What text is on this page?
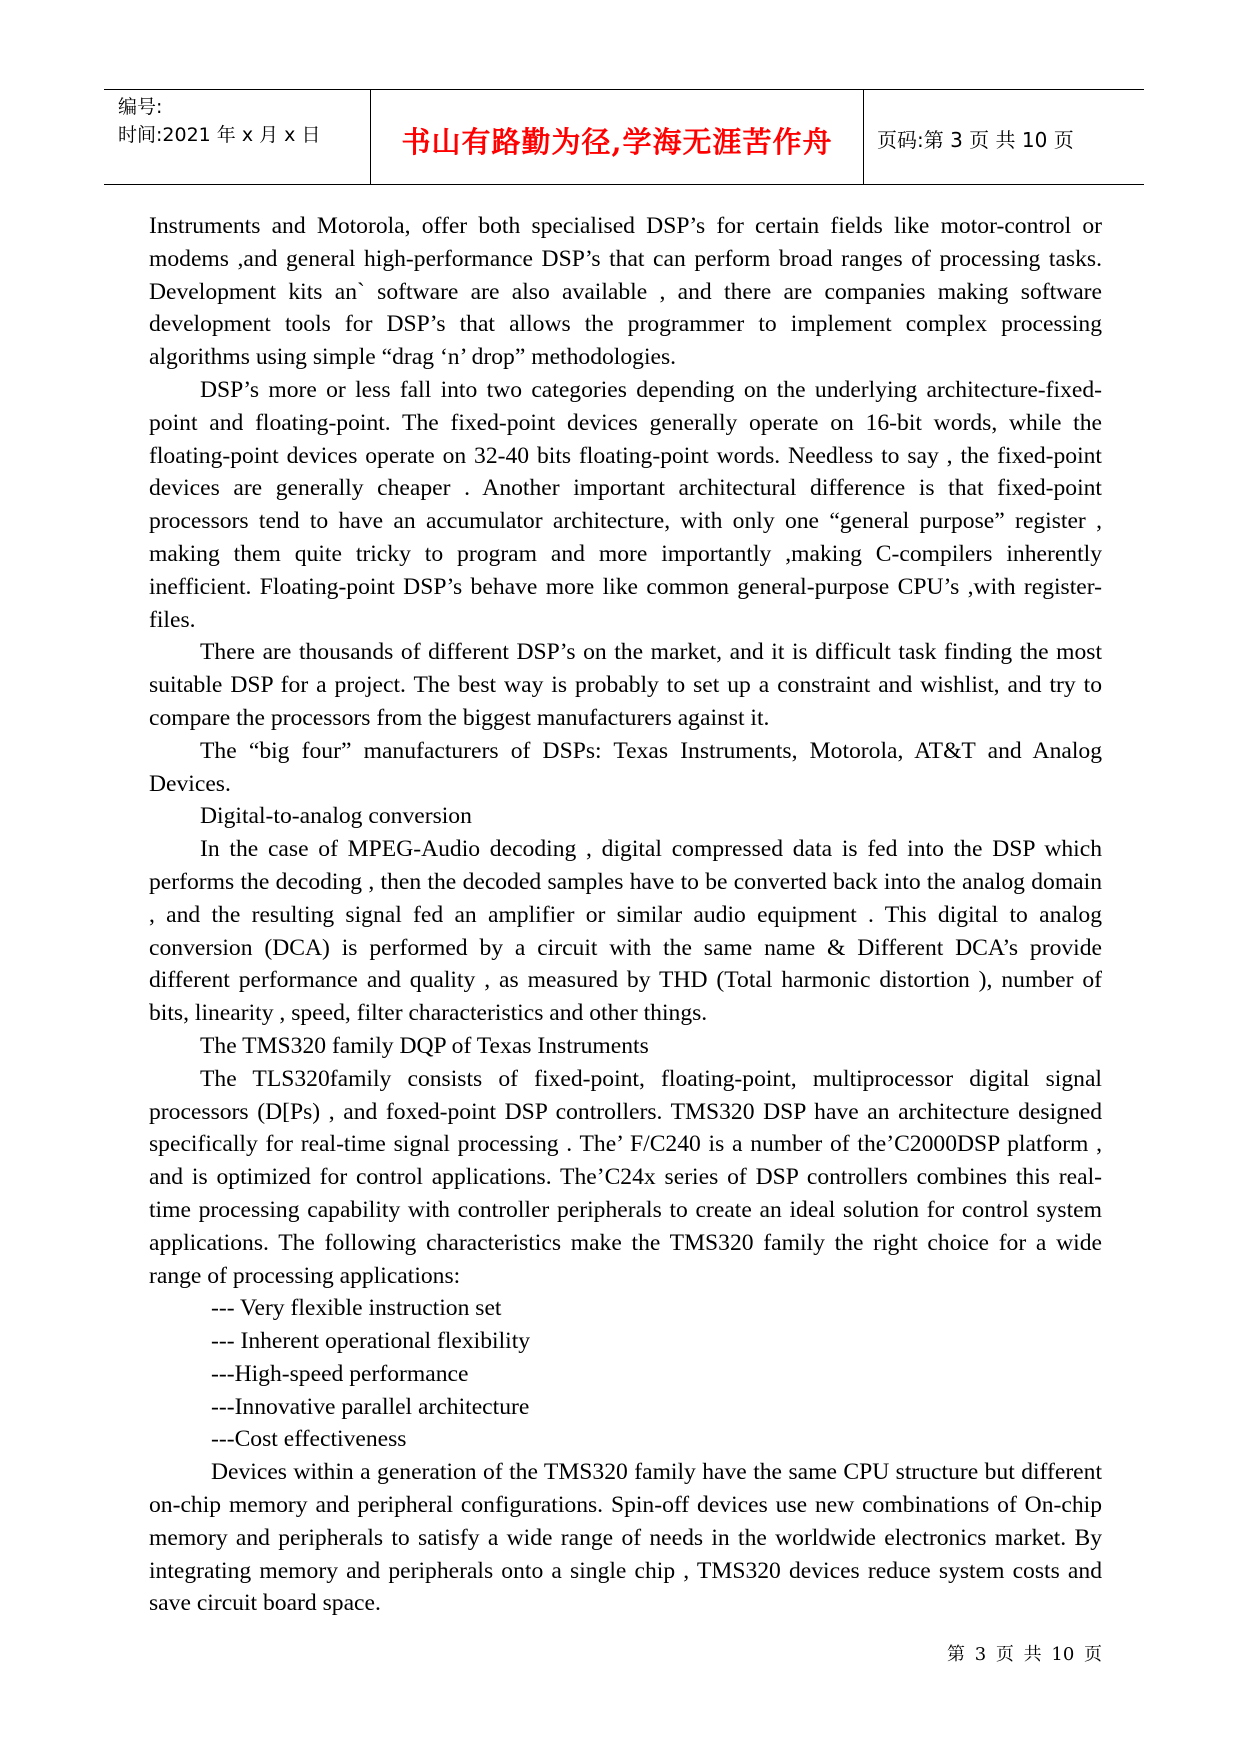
编号:
时间:2021 年 x 月 x 日	书山有路勤为径,学海无涯苦作舟	页码:第 3 页 共 10 页

Instruments and Motorola, offer both specialised DSP’s for certain fields like motor-control or modems ,and general high-performance DSP’s that can perform broad ranges of processing tasks. Development kits an` software are also available , and there are companies making software development tools for DSP’s that allows the programmer to implement complex processing algorithms using simple “drag ‘n’ drop” methodologies.

DSP’s more or less fall into two categories depending on the underlying architecture-fixed-point and floating-point. The fixed-point devices generally operate on 16-bit words, while the floating-point devices operate on 32-40 bits floating-point words. Needless to say , the fixed-point devices are generally cheaper . Another important architectural difference is that fixed-point processors tend to have an accumulator architecture, with only one “general purpose” register , making them quite tricky to program and more importantly ,making C-compilers inherently inefficient. Floating-point DSP’s behave more like common general-purpose CPU’s ,with register-files.

There are thousands of different DSP’s on the market, and it is difficult task finding the most suitable DSP for a project. The best way is probably to set up a constraint and wishlist, and try to compare the processors from the biggest manufacturers against it.

The “big four” manufacturers of DSPs: Texas Instruments, Motorola, AT&T and Analog Devices.

Digital-to-analog conversion

In the case of MPEG-Audio decoding , digital compressed data is fed into the DSP which performs the decoding , then the decoded samples have to be converted back into the analog domain , and the resulting signal fed an amplifier or similar audio equipment . This digital to analog conversion (DCA) is performed by a circuit with the same name & Different DCA’s provide different performance and quality , as measured by THD (Total harmonic distortion ), number of bits, linearity , speed, filter characteristics and other things.

The TMS320 family DQP of Texas Instruments

The TLS320family consists of fixed-point, floating-point, multiprocessor digital signal processors (D[Ps) , and foxed-point DSP controllers. TMS320 DSP have an architecture designed specifically for real-time signal processing . The’ F/C240 is a number of the’C2000DSP platform , and is optimized for control applications. The’C24x series of DSP controllers combines this real-time processing capability with controller peripherals to create an ideal solution for control system applications. The following characteristics make the TMS320 family the right choice for a wide range of processing applications:

--- Very flexible instruction set

--- Inherent operational flexibility

---High-speed performance

---Innovative parallel architecture

---Cost effectiveness

Devices within a generation of the TMS320 family have the same CPU structure but different on-chip memory and peripheral configurations. Spin-off devices use new combinations of On-chip memory and peripherals to satisfy a wide range of needs in the worldwide electronics market. By integrating memory and peripherals onto a single chip , TMS320 devices reduce system costs and save circuit board space.

第 3 页 共 10 页
